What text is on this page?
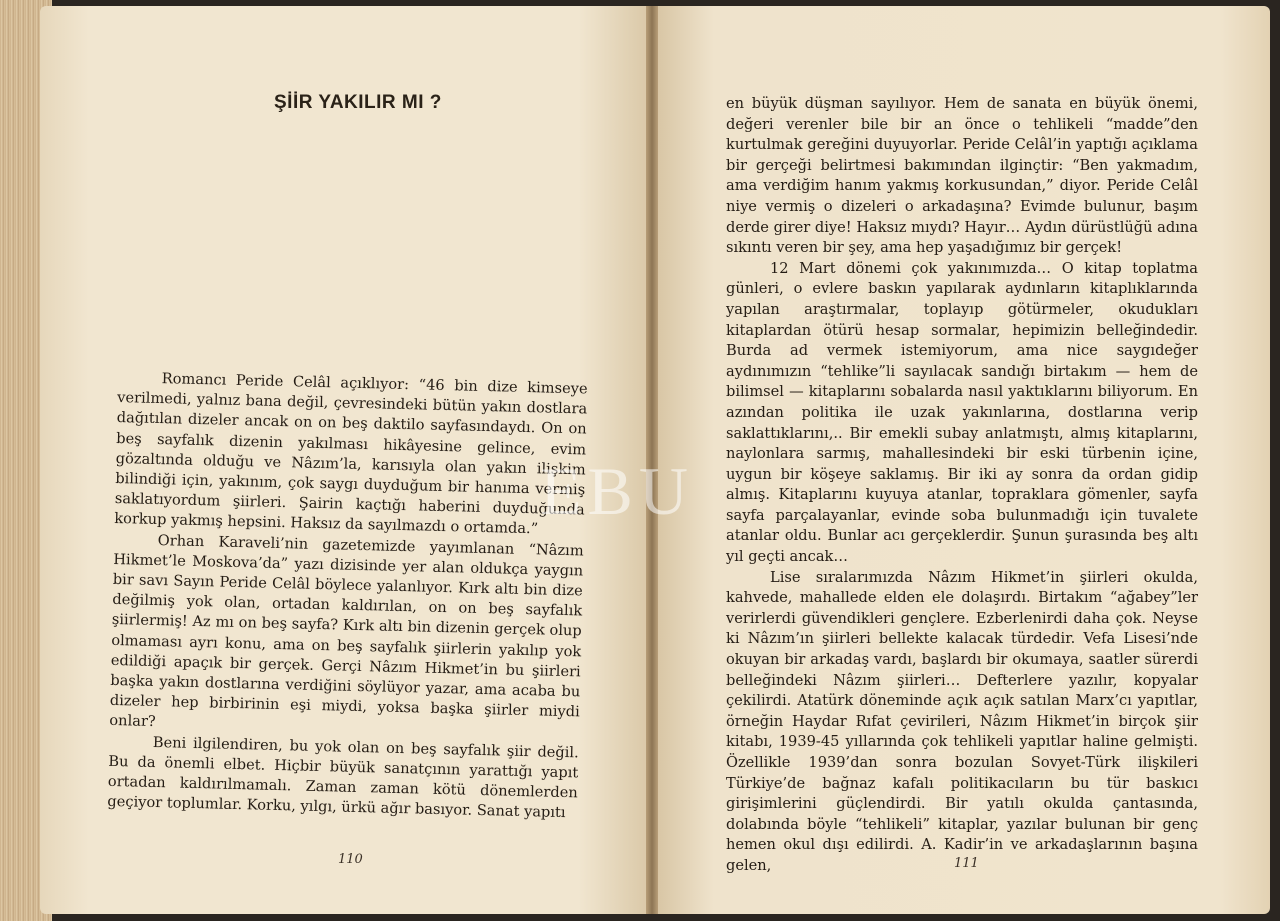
ŞİİR YAKILIR MI ?

Romancı Peride Celâl açıklıyor: “46 bin dize kimseye verilmedi, yalnız bana değil, çevresindeki bütün yakın dostlara dağıtılan dizeler ancak on on beş daktilo sayfasındaydı. On on beş sayfalık dizenin yakılması hikâyesine gelince, evim gözaltında olduğu ve Nâzım’la, karısıyla olan yakın ilişkim bilindiği için, yakınım, çok saygı duyduğum bir hanıma vermiş saklatıyordum şiirleri. Şairin kaçtığı haberini duyduğunda korkup yakmış hepsini. Haksız da sayılmazdı o ortamda.”

Orhan Karaveli’nin gazetemizde yayımlanan “Nâzım Hikmet’le Moskova’da” yazı dizisinde yer alan oldukça yaygın bir savı Sayın Peride Celâl böylece yalanlıyor. Kırk altı bin dize değilmiş yok olan, ortadan kaldırılan, on on beş sayfalık şiirlermiş! Az mı on beş sayfa? Kırk altı bin dizenin gerçek olup olmaması ayrı konu, ama on beş sayfalık şiirlerin yakılıp yok edildiği apaçık bir gerçek. Gerçi Nâzım Hikmet’in bu şiirleri başka yakın dostlarına verdiğini söylüyor yazar, ama acaba bu dizeler hep birbirinin eşi miydi, yoksa başka şiirler miydi onlar?

Beni ilgilendiren, bu yok olan on beş sayfalık şiir değil. Bu da önemli elbet. Hiçbir büyük sanatçının yarattığı yapıt ortadan kaldırılmamalı. Zaman zaman kötü dönemlerden geçiyor toplumlar. Korku, yılgı, ürkü ağır basıyor. Sanat yapıtı

en büyük düşman sayılıyor. Hem de sanata en büyük önemi, değeri verenler bile bir an önce o tehlikeli “madde”den kurtulmak gereğini duyuyorlar. Peride Celâl’in yaptığı açıklama bir gerçeği belirtmesi bakımından ilginçtir: “Ben yakmadım, ama verdiğim hanım yakmış korkusundan,” diyor. Peride Celâl niye vermiş o dizeleri o arkadaşına? Evimde bulunur, başım derde girer diye! Haksız mıydı? Hayır… Aydın dürüstlüğü adına sıkıntı veren bir şey, ama hep yaşadığımız bir gerçek!

12 Mart dönemi çok yakınımızda… O kitap toplatma günleri, o evlere baskın yapılarak aydınların kitaplıklarında yapılan araştırmalar, toplayıp götürmeler, okudukları kitaplardan ötürü hesap sormalar, hepimizin belleğindedir. Burda ad vermek istemiyorum, ama nice saygıdeğer aydınımızın “tehlike”li sayılacak sandığı birtakım — hem de bilimsel — kitaplarını sobalarda nasıl yaktıklarını biliyorum. En azından politika ile uzak yakınlarına, dostlarına verip saklattıklarını,.. Bir emekli subay anlatmıştı, almış kitaplarını, naylonlara sarmış, mahallesindeki bir eski türbenin içine, uygun bir köşeye saklamış. Bir iki ay sonra da ordan gidip almış. Kitaplarını kuyuya atanlar, topraklara gömenler, sayfa sayfa parçalayanlar, evinde soba bulunmadığı için tuvalete atanlar oldu. Bunlar acı gerçeklerdir. Şunun şurasında beş altı yıl geçti ancak…

Lise sıralarımızda Nâzım Hikmet’in şiirleri okulda, kahvede, mahallede elden ele dolaşırdı. Birtakım “ağabey”ler verirlerdi güvendikleri gençlere. Ezberlenirdi daha çok. Neyse ki Nâzım’ın şiirleri bellekte kalacak türdedir. Vefa Lisesi’nde okuyan bir arkadaş vardı, başlardı bir okumaya, saatler sürerdi belleğindeki Nâzım şiirleri… Defterlere yazılır, kopyalar çekilirdi. Atatürk döneminde açık açık satılan Marx’cı yapıtlar, örneğin Haydar Rıfat çevirileri, Nâzım Hikmet’in birçok şiir kitabı, 1939-45 yıllarında çok tehlikeli yapıtlar haline gelmişti. Özellikle 1939’dan sonra bozulan Sovyet-Türk ilişkileri Türkiye’de bağnaz kafalı politikacıların bu tür baskıcı girişimlerini güçlendirdi. Bir yatılı okulda çantasında, dolabında böyle “tehlikeli” kitaplar, yazılar bulunan bir genç hemen okul dışı edilirdi. A. Kadir’in ve arkadaşlarının başına gelen,

110	111
EBU
